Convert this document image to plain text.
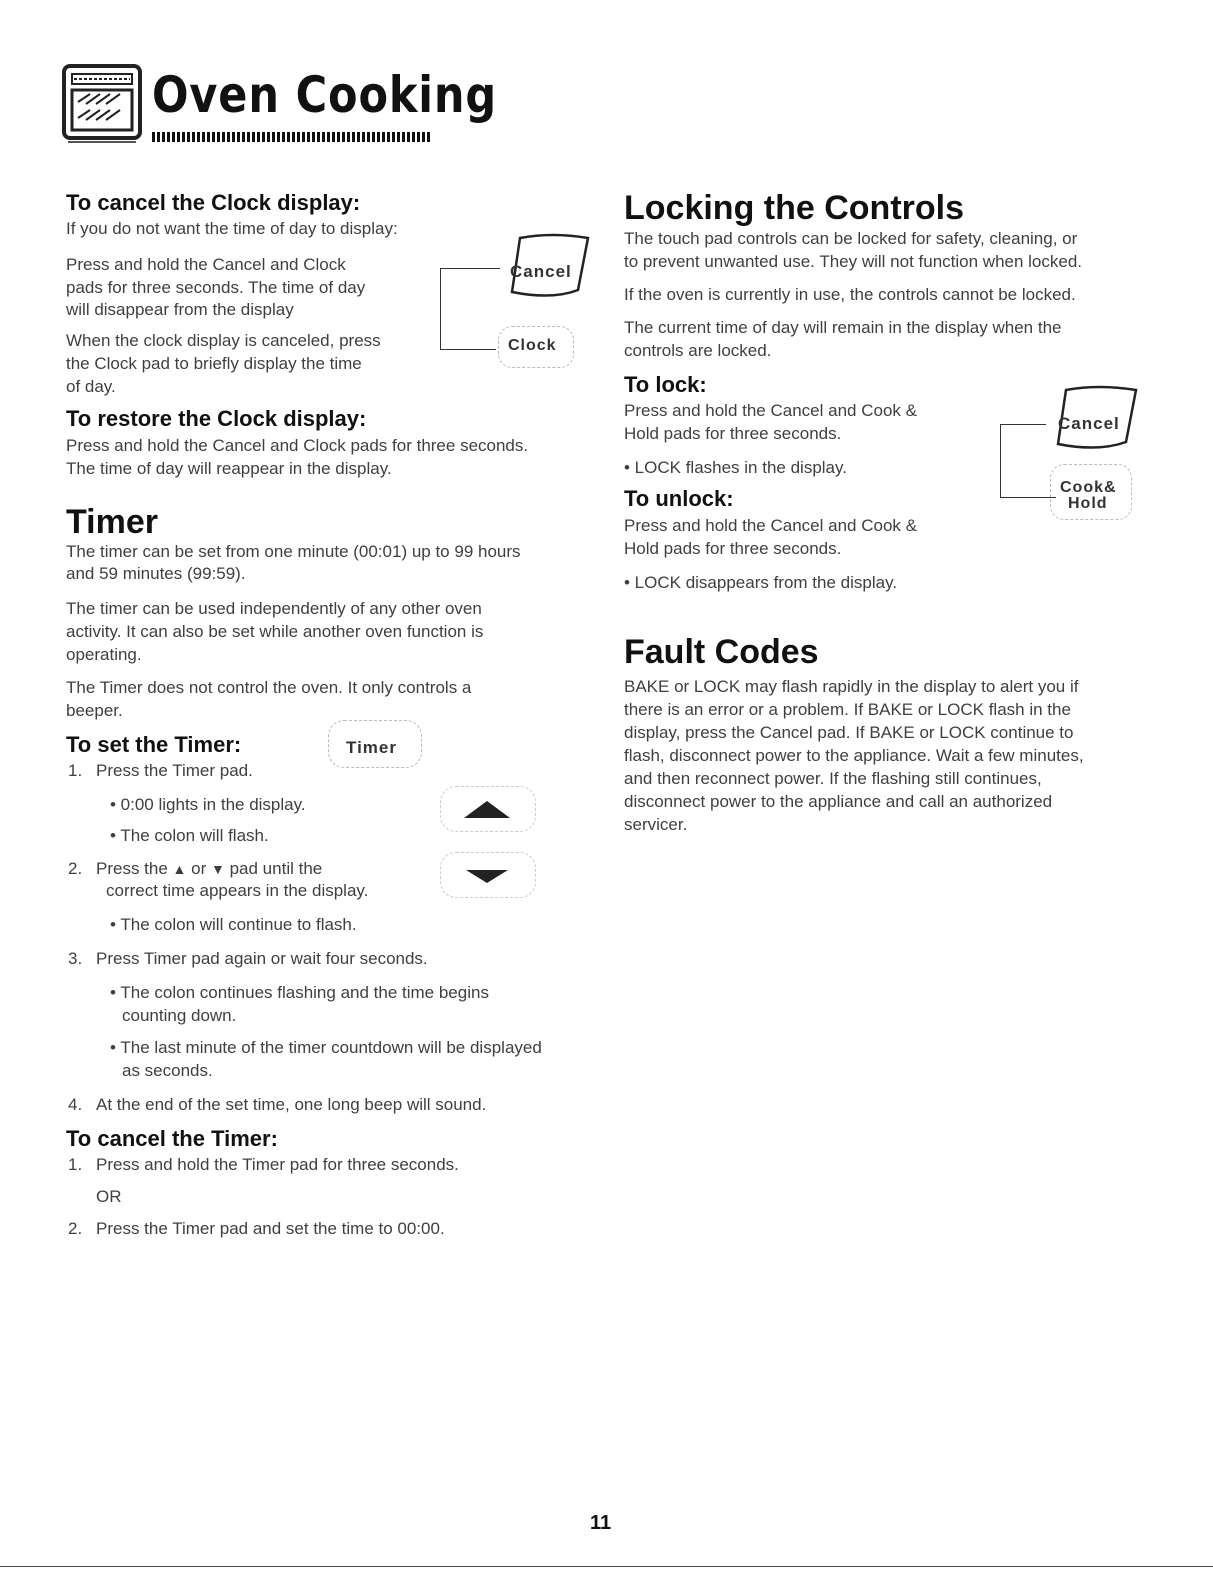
Oven Cooking
To cancel the Clock display:
If you do not want the time of day to display:
Press and hold the Cancel and Clock
pads for three seconds. The time of day
will disappear from the display
When the clock display is canceled, press
the Clock pad to briefly display the time
of day.
Cancel
Clock
To restore the Clock display:
Press and hold the Cancel and Clock pads for three seconds.
The time of day will reappear in the display.
Timer
The timer can be set from one minute (00:01) up to 99 hours
and 59 minutes (99:59).
The timer can be used independently of any other oven
activity. It can also be set while another oven function is
operating.
The Timer does not control the oven. It only controls a
beeper.
To set the Timer:	Timer
1. Press the Timer pad.
• 0:00 lights in the display.
• The colon will flash.
2. Press the ▲ or ▼ pad until the
correct time appears in the display.
• The colon will continue to flash.
3. Press Timer pad again or wait four seconds.
• The colon continues flashing and the time begins
counting down.
• The last minute of the timer countdown will be displayed
as seconds.
4. At the end of the set time, one long beep will sound.
To cancel the Timer:
1. Press and hold the Timer pad for three seconds.
OR
2. Press the Timer pad and set the time to 00:00.
Locking the Controls
The touch pad controls can be locked for safety, cleaning, or
to prevent unwanted use. They will not function when locked.
If the oven is currently in use, the controls cannot be locked.
The current time of day will remain in the display when the
controls are locked.
To lock:
Press and hold the Cancel and Cook &
Hold pads for three seconds.
• LOCK flashes in the display.
To unlock:
Press and hold the Cancel and Cook &
Hold pads for three seconds.
• LOCK disappears from the display.
Cancel
Cook&
Hold
Fault Codes
BAKE or LOCK may flash rapidly in the display to alert you if
there is an error or a problem. If BAKE or LOCK flash in the
display, press the Cancel pad. If BAKE or LOCK continue to
flash, disconnect power to the appliance. Wait a few minutes,
and then reconnect power. If the flashing still continues,
disconnect power to the appliance and call an authorized
servicer.
11
